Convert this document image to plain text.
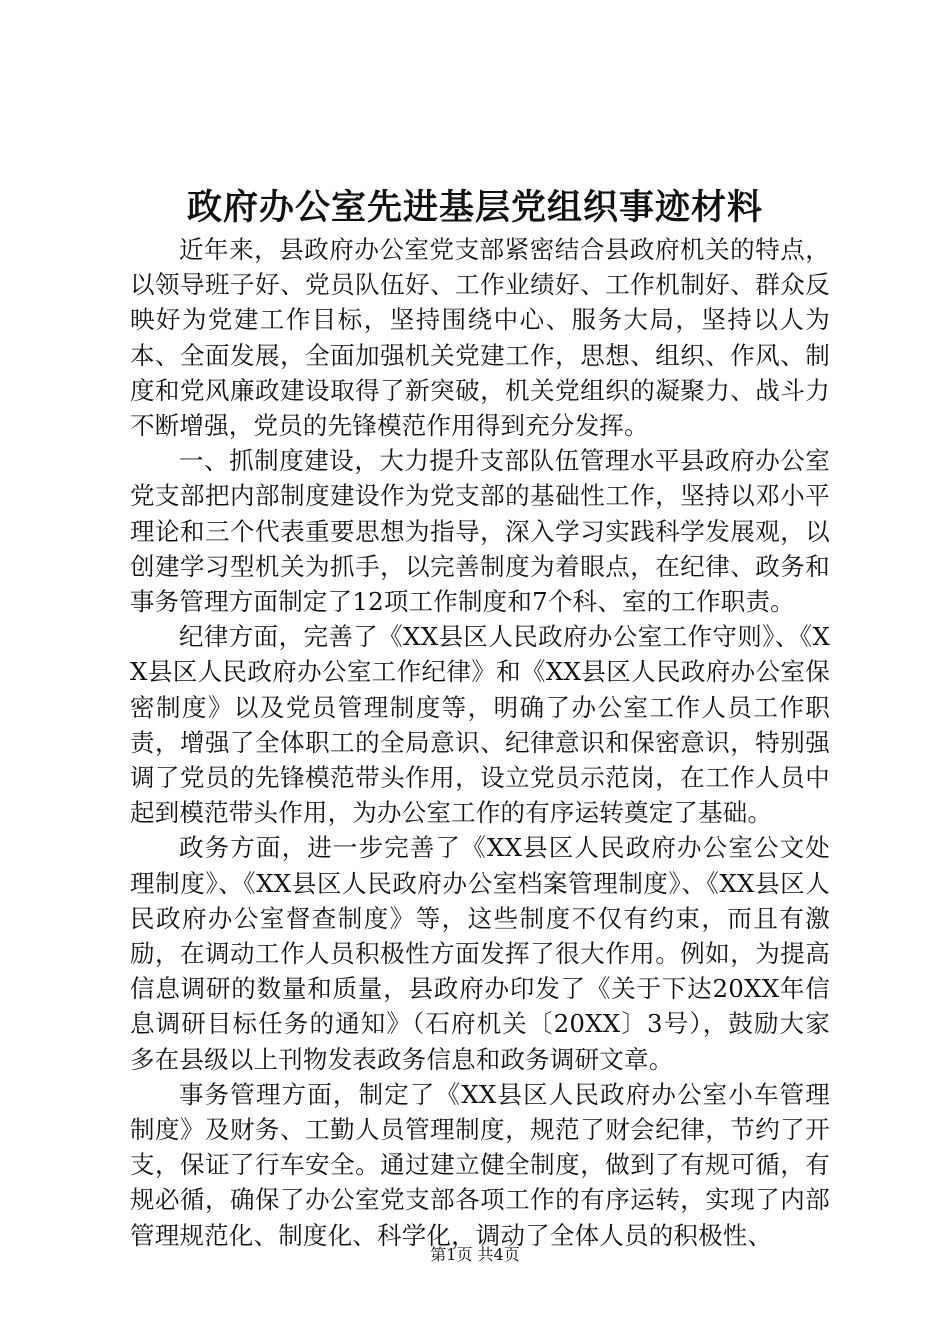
政府办公室先进基层党组织事迹材料

近年来，县政府办公室党支部紧密结合县政府机关的特点，以领导班子好、党员队伍好、工作业绩好、工作机制好、群众反映好为党建工作目标，坚持围绕中心、服务大局，坚持以人为本、全面发展，全面加强机关党建工作，思想、组织、作风、制度和党风廉政建设取得了新突破，机关党组织的凝聚力、战斗力不断增强，党员的先锋模范作用得到充分发挥。

一、抓制度建设，大力提升支部队伍管理水平县政府办公室党支部把内部制度建设作为党支部的基础性工作，坚持以邓小平理论和三个代表重要思想为指导，深入学习实践科学发展观，以创建学习型机关为抓手，以完善制度为着眼点，在纪律、政务和事务管理方面制定了12项工作制度和7个科、室的工作职责。

纪律方面，完善了《XX县区人民政府办公室工作守则》、《XX县区人民政府办公室工作纪律》和《XX县区人民政府办公室保密制度》以及党员管理制度等，明确了办公室工作人员工作职责，增强了全体职工的全局意识、纪律意识和保密意识，特别强调了党员的先锋模范带头作用，设立党员示范岗，在工作人员中起到模范带头作用，为办公室工作的有序运转奠定了基础。

政务方面，进一步完善了《XX县区人民政府办公室公文处理制度》、《XX县区人民政府办公室档案管理制度》、《XX县区人民政府办公室督查制度》等，这些制度不仅有约束，而且有激励，在调动工作人员积极性方面发挥了很大作用。例如，为提高信息调研的数量和质量，县政府办印发了《关于下达20XX年信息调研目标任务的通知》（石府机关〔20XX〕3号），鼓励大家多在县级以上刊物发表政务信息和政务调研文章。

事务管理方面，制定了《XX县区人民政府办公室小车管理制度》及财务、工勤人员管理制度，规范了财会纪律，节约了开支，保证了行车安全。通过建立健全制度，做到了有规可循，有规必循，确保了办公室党支部各项工作的有序运转，实现了内部管理规范化、制度化、科学化，调动了全体人员的积极性、

第1页 共4页
